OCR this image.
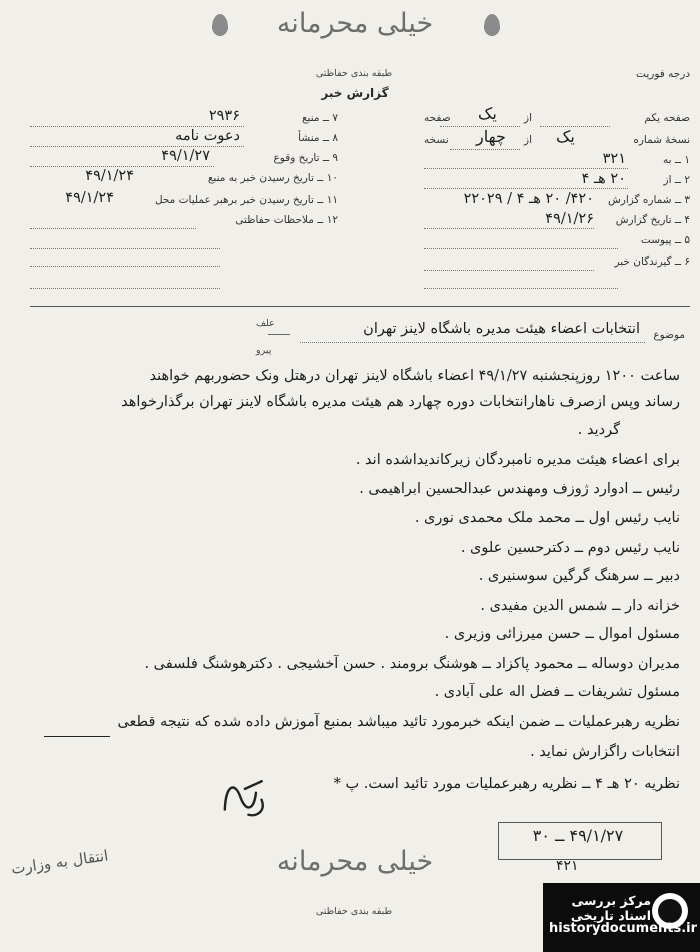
خیلی محرمانه
طبقه بندی حفاظتی
گزارش خبر
درجه فوریت
صفحه یکم
از
یک
صفحه
نسخهٔ شماره
یک
از
چهار
نسخه
۱ ــ به
۳۲۱
۲ ــ از
۲۰ هـ ۴
۳ ــ شماره گزارش
۴۲۰/ ۲۰ هـ ۴ / ۲۲۰۲۹
۴ ــ تاریخ گزارش
۴۹/۱/۲۶
۵ ــ پیوست
۶ ــ گیرندگان خبر
۷ ــ منبع
۲۹۳۶
۸ ــ منشأ
دعوت نامه
۹ ــ تاریخ وقوع
۴۹/۱/۲۷
۱۰ ــ تاریخ رسیدن خبر به منبع
۴۹/۱/۲۴
۱۱ ــ تاریخ رسیدن خبر برهبر عملیات محل
۴۹/۱/۲۴
۱۲ ــ ملاحظات حفاظتی
موضوع
انتخابات اعضاء هیئت مدیره باشگاه لاینز تهران
علف
پیرو
ساعت ۱۲۰۰ روزپنجشنبه ۴۹/۱/۲۷ اعضاء باشگاه لاینز تهران درهتل ونک حضوربهم خواهند
رساند وپس ازصرف ناهارانتخابات دوره چهارد هم هیئت مدیره باشگاه لاینز تهران برگذارخواهد
گردید .
برای اعضاء هیئت مدیره نامبردگان زیرکاندیداشده اند .
رئیس ــ ادوارد ژوزف ومهندس عبدالحسین ابراهیمی .
نایب رئیس اول ــ محمد ملک محمدی نوری .
نایب رئیس دوم ــ دکترحسین علوی .
دبیر ــ سرهنگ گرگین سوسنیری .
خزانه دار ــ شمس الدین مفیدی .
مسئول اموال ــ حسن میرزائی وزیری .
مدیران دوساله ــ محمود پاکزاد ــ هوشنگ برومند . حسن آخشیجی . دکترهوشنگ فلسفی .
مسئول تشریفات ــ فضل اله علی آبادی .
نظریه رهبرعملیات ــ ضمن اینکه خبرمورد تائید میباشد بمنبع آموزش داده شده که نتیجه قطعی
انتخابات راگزارش نماید .
نظریه ۲۰ هـ ۴ ــ نظریه رهبرعملیات مورد تائید است. پ *
۴۹/۱/۲۷ ــ ۳۰
۴۲۱
انتقال به وزارت	خیلی محرمانه
طبقه بندی حفاظتی
مرکز بررسی اسناد تاریخی
historydocuments.ir
